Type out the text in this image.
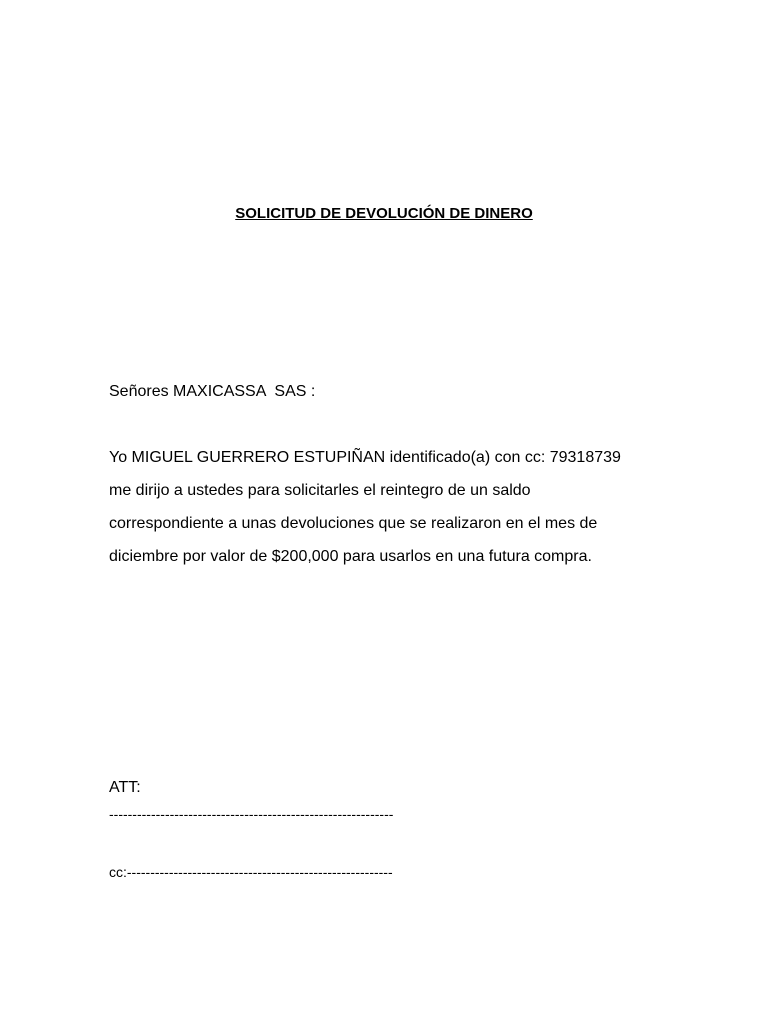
SOLICITUD DE DEVOLUCIÓN DE DINERO
Señores MAXICASSA  SAS :
Yo MIGUEL GUERRERO ESTUPIÑAN identificado(a) con cc: 79318739
me dirijo a ustedes para solicitarles el reintegro de un saldo
correspondiente a unas devoluciones que se realizaron en el mes de
diciembre por valor de $200,000 para usarlos en una futura compra.
ATT:
-------------------------------------------------------------
cc:---------------------------------------------------------
